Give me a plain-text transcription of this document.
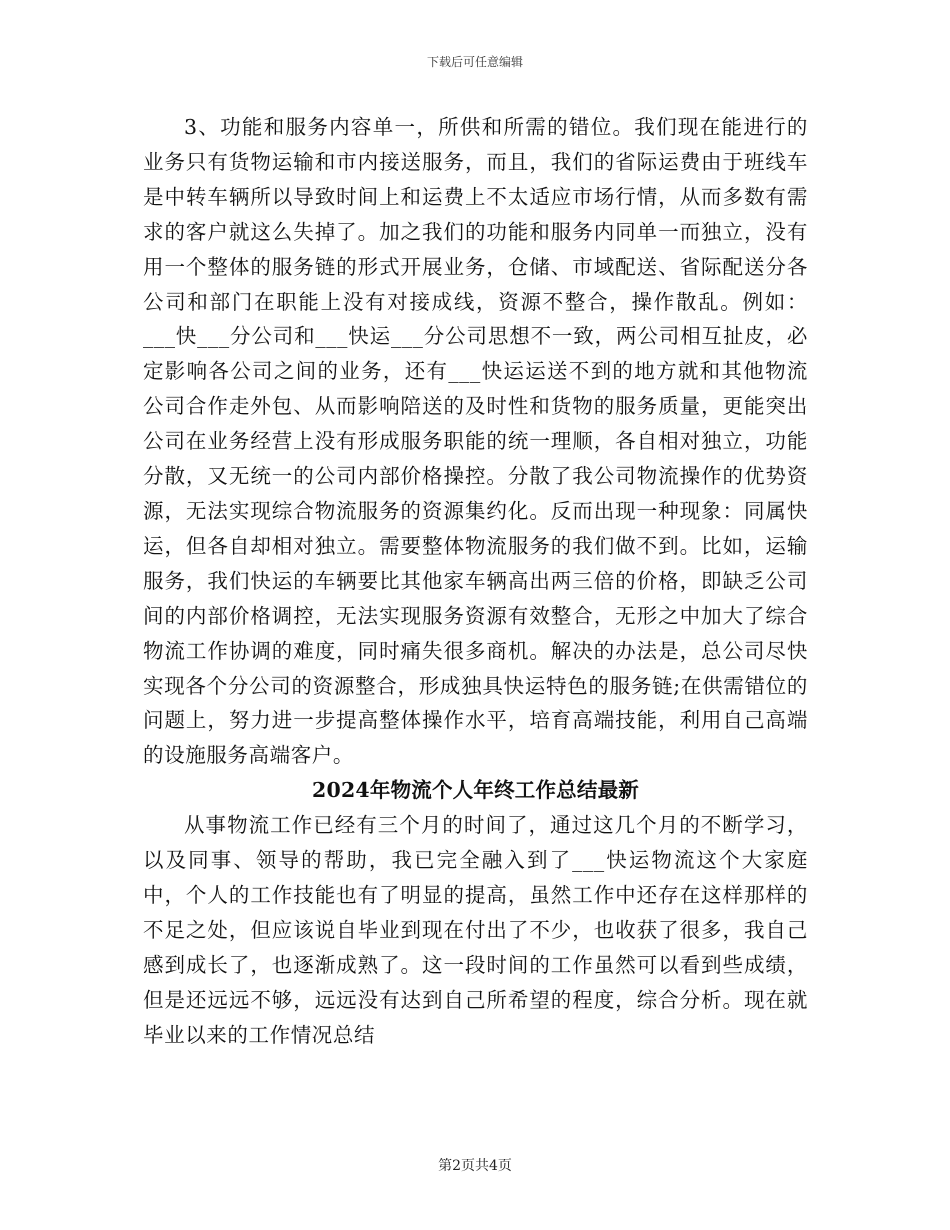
下载后可任意编辑

3、功能和服务内容单一，所供和所需的错位。我们现在能进行的业务只有货物运输和市内接送服务，而且，我们的省际运费由于班线车是中转车辆所以导致时间上和运费上不太适应市场行情，从而多数有需求的客户就这么失掉了。加之我们的功能和服务内同单一而独立，没有用一个整体的服务链的形式开展业务，仓储、市域配送、省际配送分各公司和部门在职能上没有对接成线，资源不整合，操作散乱。例如：___快___分公司和___快运___分公司思想不一致，两公司相互扯皮，必定影响各公司之间的业务，还有___快运运送不到的地方就和其他物流公司合作走外包、从而影响陪送的及时性和货物的服务质量，更能突出公司在业务经营上没有形成服务职能的统一理顺，各自相对独立，功能分散，又无统一的公司内部价格操控。分散了我公司物流操作的优势资源，无法实现综合物流服务的资源集约化。反而出现一种现象：同属快运，但各自却相对独立。需要整体物流服务的我们做不到。比如，运输服务，我们快运的车辆要比其他家车辆高出两三倍的价格，即缺乏公司间的内部价格调控，无法实现服务资源有效整合，无形之中加大了综合物流工作协调的难度，同时痛失很多商机。解决的办法是，总公司尽快实现各个分公司的资源整合，形成独具快运特色的服务链;在供需错位的问题上，努力进一步提高整体操作水平，培育高端技能，利用自己高端的设施服务高端客户。

2024年物流个人年终工作总结最新

从事物流工作已经有三个月的时间了，通过这几个月的不断学习，以及同事、领导的帮助，我已完全融入到了___快运物流这个大家庭中，个人的工作技能也有了明显的提高，虽然工作中还存在这样那样的不足之处，但应该说自毕业到现在付出了不少，也收获了很多，我自己感到成长了，也逐渐成熟了。这一段时间的工作虽然可以看到些成绩，但是还远远不够，远远没有达到自己所希望的程度，综合分析。现在就毕业以来的工作情况总结

第2页共4页
